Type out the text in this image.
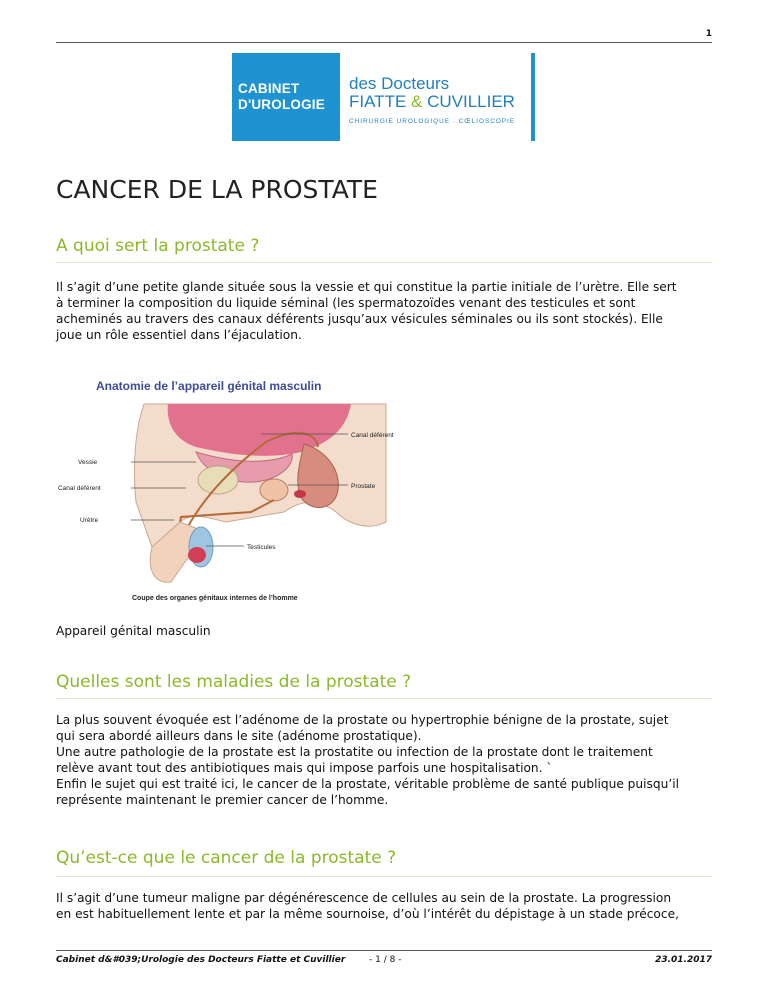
1
CABINET
D'UROLOGIE
des Docteurs
FIATTE & CUVILLIER
CHIRURGIE UROLOGIQUE · CŒLIOSCOPIE
CANCER DE LA PROSTATE
A quoi sert la prostate ?

Il s’agit d’une petite glande située sous la vessie et qui constitue la partie initiale de l’urètre. Elle sert
à terminer la composition du liquide séminal (les spermatozoïdes venant des testicules et sont
acheminés au travers des canaux déférents jusqu’aux vésicules séminales ou ils sont stockés). Elle
joue un rôle essentiel dans l’éjaculation.

Anatomie de l’appareil génital masculin
Canal déférent
Vessie
Prostate
Canal déférent
Urètre
Testicules
Coupe des organes génitaux internes de l’homme
Appareil génital masculin
Quelles sont les maladies de la prostate ?

La plus souvent évoquée est l’adénome de la prostate ou hypertrophie bénigne de la prostate, sujet
qui sera abordé ailleurs dans le site (adénome prostatique).
Une autre pathologie de la prostate est la prostatite ou infection de la prostate dont le traitement
relève avant tout des antibiotiques mais qui impose parfois une hospitalisation. `
Enfin le sujet qui est traité ici, le cancer de la prostate, véritable problème de santé publique puisqu’il
représente maintenant le premier cancer de l’homme.

Qu’est-ce que le cancer de la prostate ?

Il s’agit d’une tumeur maligne par dégénérescence de cellules au sein de la prostate. La progression
en est habituellement lente et par la même sournoise, d’où l’intérêt du dépistage à un stade précoce,

Cabinet d&#039;Urologie des Docteurs Fiatte et Cuvillier	- 1 / 8 -	23.01.2017
